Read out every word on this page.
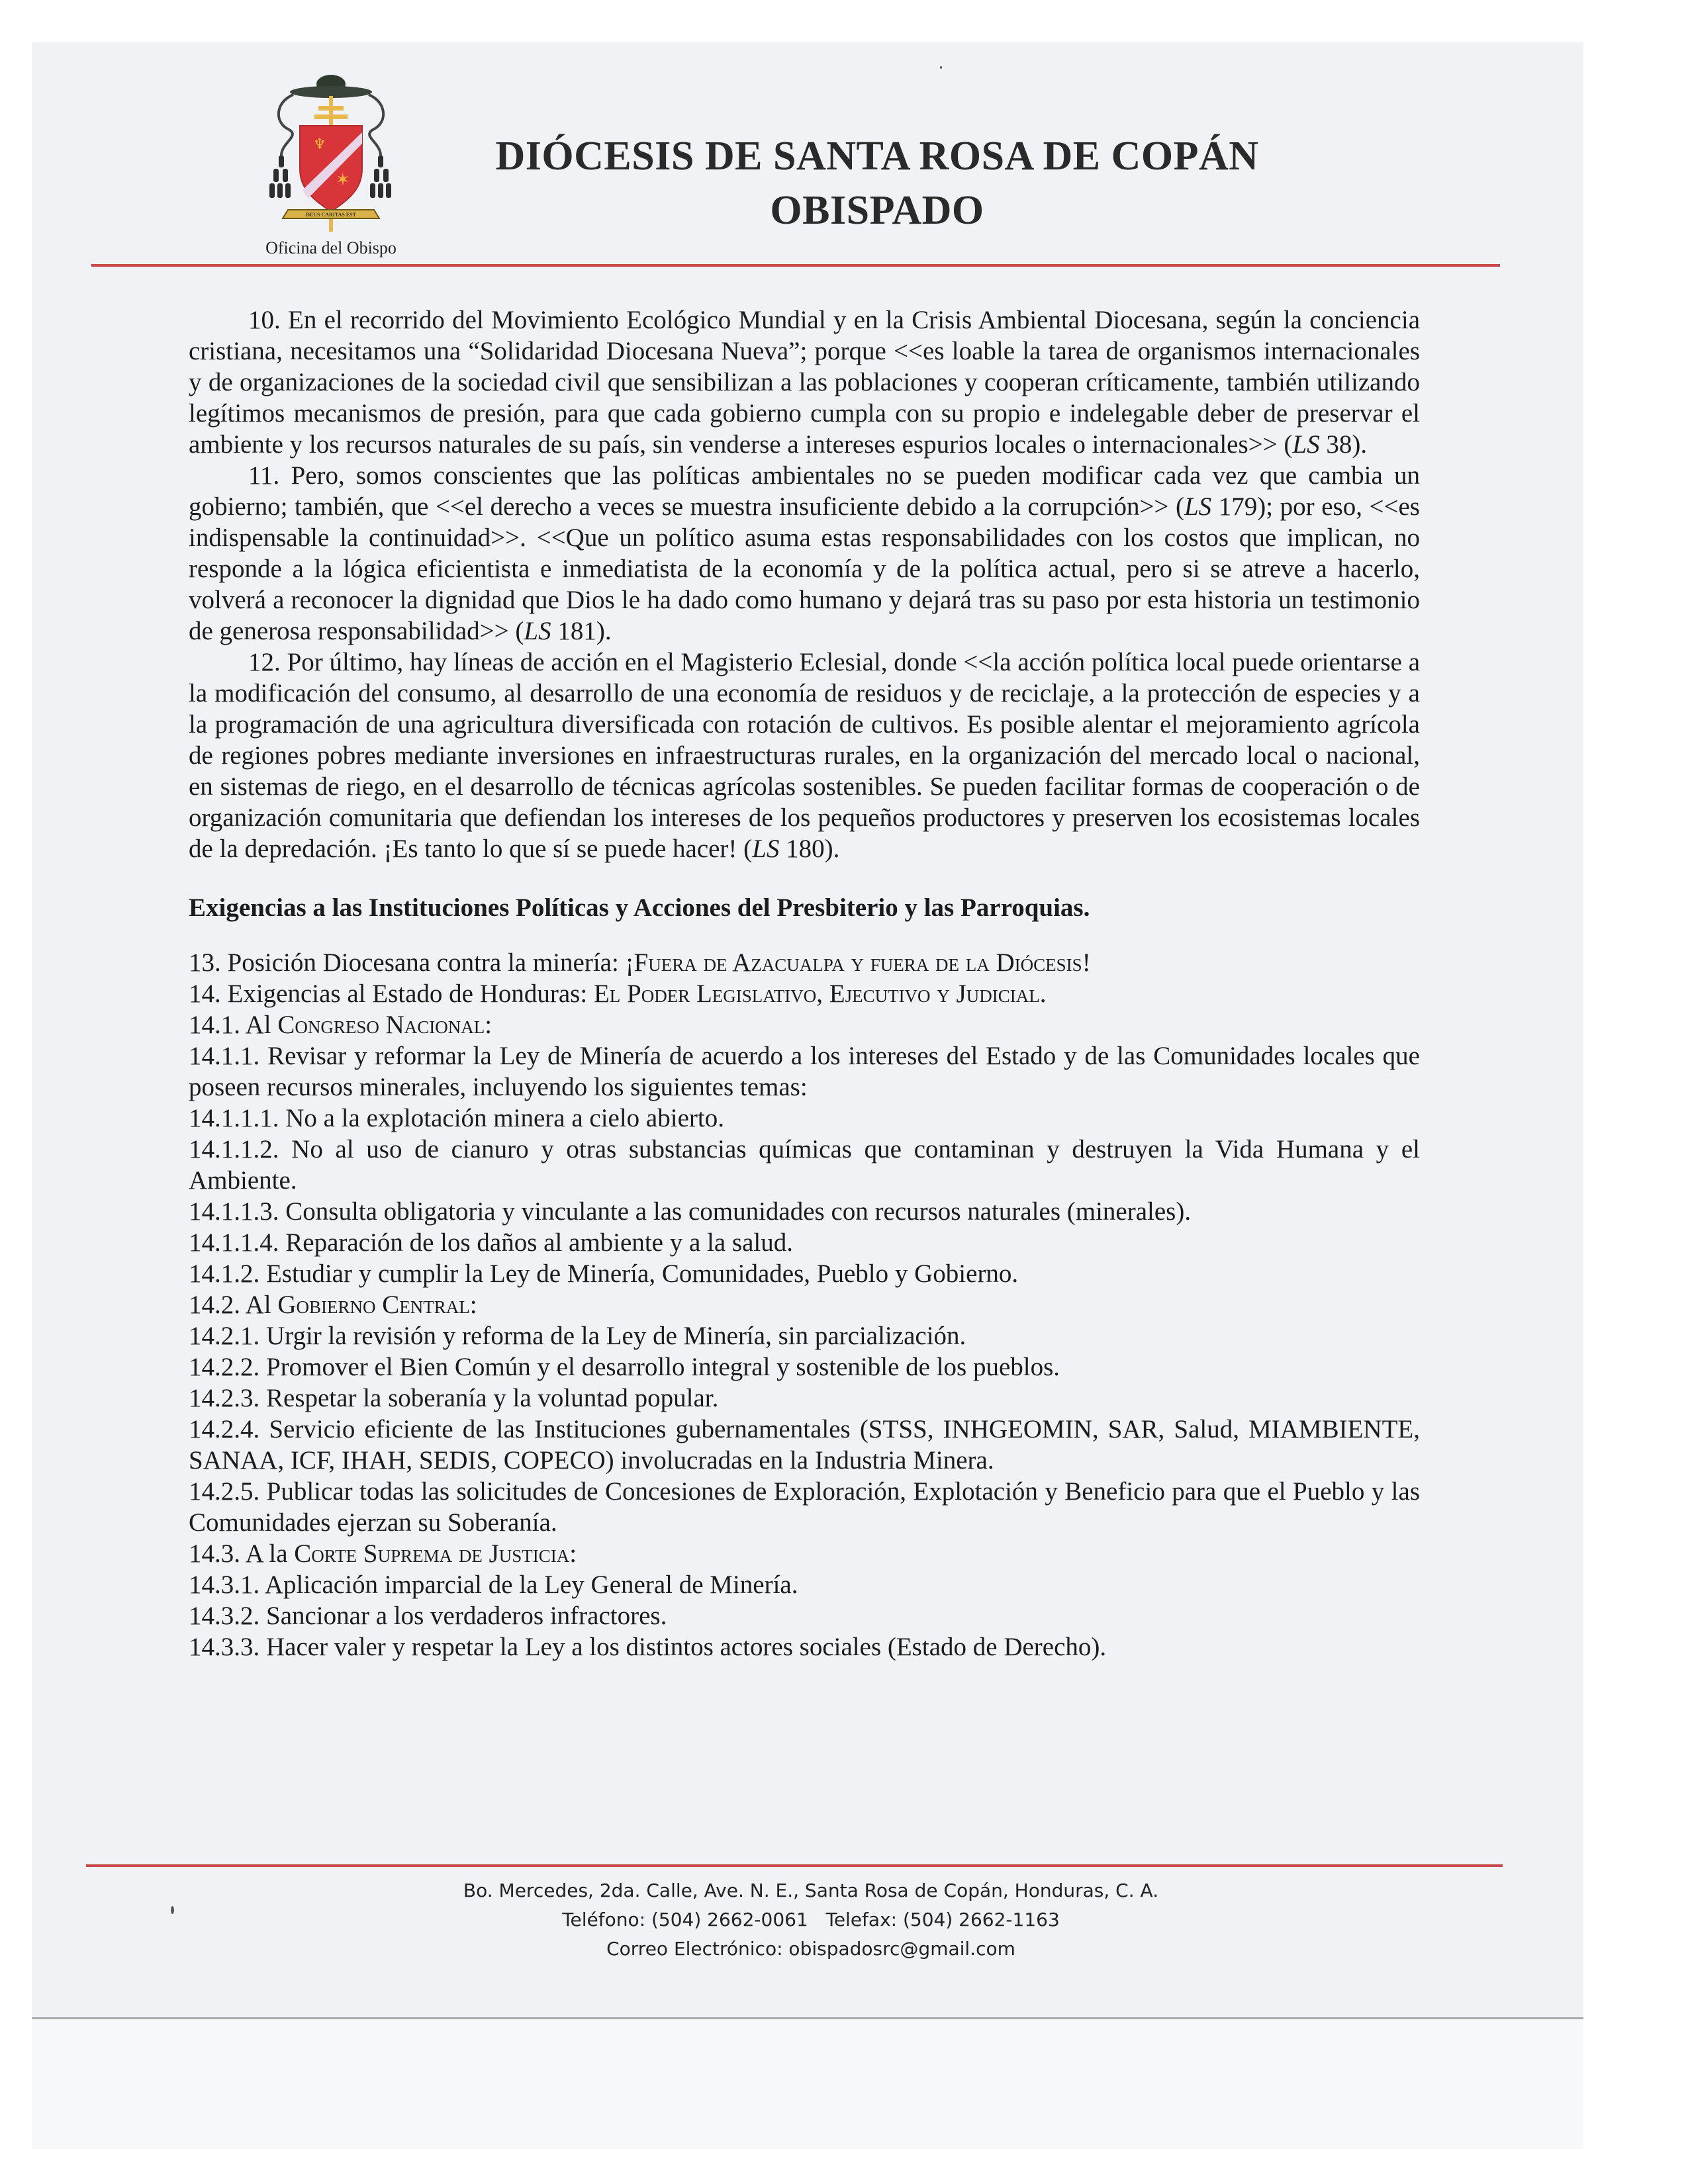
♆
✶
DEUS CARITAS EST
Oficina del Obispo
DIÓCESIS DE SANTA ROSA DE COPÁN
OBISPADO

10. En el recorrido del Movimiento Ecológico Mundial y en la Crisis Ambiental Diocesana, según la conciencia cristiana, necesitamos una “Solidaridad Diocesana Nueva”; porque <<es loable la tarea de organismos internacionales y de organizaciones de la sociedad civil que sensibilizan a las poblaciones y cooperan críticamente, también utilizando legítimos mecanismos de presión, para que cada gobierno cumpla con su propio e indelegable deber de preservar el ambiente y los recursos naturales de su país, sin venderse a intereses espurios locales o internacionales>> (LS 38).

11. Pero, somos conscientes que las políticas ambientales no se pueden modificar cada vez que cambia un gobierno; también, que <<el derecho a veces se muestra insuficiente debido a la corrupción>> (LS 179); por eso, <<es indispensable la continuidad>>. <<Que un político asuma estas responsabilidades con los costos que implican, no responde a la lógica eficientista e inmediatista de la economía y de la política actual, pero si se atreve a hacerlo, volverá a reconocer la dignidad que Dios le ha dado como humano y dejará tras su paso por esta historia un testimonio de generosa responsabilidad>> (LS 181).

12. Por último, hay líneas de acción en el Magisterio Eclesial, donde <<la acción política local puede orientarse a la modificación del consumo, al desarrollo de una economía de residuos y de reciclaje, a la protección de especies y a la programación de una agricultura diversificada con rotación de cultivos. Es posible alentar el mejoramiento agrícola de regiones pobres mediante inversiones en infraestructuras rurales, en la organización del mercado local o nacional, en sistemas de riego, en el desarrollo de técnicas agrícolas sostenibles. Se pueden facilitar formas de cooperación o de organización comunitaria que defiendan los intereses de los pequeños productores y preserven los ecosistemas locales de la depredación. ¡Es tanto lo que sí se puede hacer! (LS 180).

Exigencias a las Instituciones Políticas y Acciones del Presbiterio y las Parroquias.

13. Posición Diocesana contra la minería: ¡Fuera de Azacualpa y fuera de la Diócesis!

14. Exigencias al Estado de Honduras: El Poder Legislativo, Ejecutivo y Judicial.

14.1. Al Congreso Nacional:

14.1.1. Revisar y reformar la Ley de Minería de acuerdo a los intereses del Estado y de las Comunidades locales que poseen recursos minerales, incluyendo los siguientes temas:

14.1.1.1. No a la explotación minera a cielo abierto.

14.1.1.2. No al uso de cianuro y otras substancias químicas que contaminan y destruyen la Vida Humana y el Ambiente.

14.1.1.3. Consulta obligatoria y vinculante a las comunidades con recursos naturales (minerales).

14.1.1.4. Reparación de los daños al ambiente y a la salud.

14.1.2. Estudiar y cumplir la Ley de Minería, Comunidades, Pueblo y Gobierno.

14.2. Al Gobierno Central:

14.2.1. Urgir la revisión y reforma de la Ley de Minería, sin parcialización.

14.2.2. Promover el Bien Común y el desarrollo integral y sostenible de los pueblos.

14.2.3. Respetar la soberanía y la voluntad popular.

14.2.4. Servicio eficiente de las Instituciones gubernamentales (STSS, INHGEOMIN, SAR, Salud, MIAMBIENTE, SANAA, ICF, IHAH, SEDIS, COPECO) involucradas en la Industria Minera.

14.2.5. Publicar todas las solicitudes de Concesiones de Exploración, Explotación y Beneficio para que el Pueblo y las Comunidades ejerzan su Soberanía.

14.3. A la Corte Suprema de Justicia:

14.3.1. Aplicación imparcial de la Ley General de Minería.

14.3.2. Sancionar a los verdaderos infractores.

14.3.3. Hacer valer y respetar la Ley a los distintos actores sociales (Estado de Derecho).

Bo. Mercedes, 2da. Calle, Ave. N. E., Santa Rosa de Copán, Honduras, C. A.
Teléfono: (504) 2662-0061   Telefax: (504) 2662-1163
Correo Electrónico: obispadosrc@gmail.com
